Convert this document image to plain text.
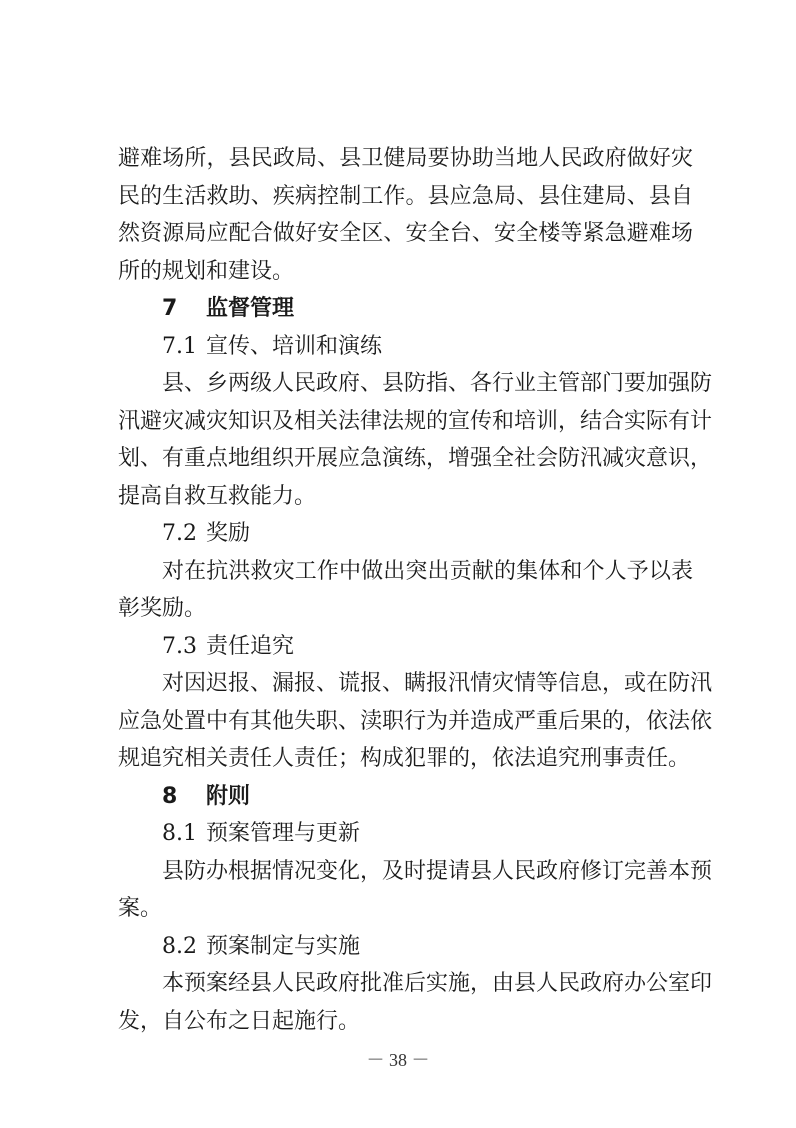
避难场所，县民政局、县卫健局要协助当地人民政府做好灾

民的生活救助、疾病控制工作。县应急局、县住建局、县自

然资源局应配合做好安全区、安全台、安全楼等紧急避难场

所的规划和建设。

7 监督管理

7.1 宣传、培训和演练

县、乡两级人民政府、县防指、各行业主管部门要加强防

汛避灾减灾知识及相关法律法规的宣传和培训，结合实际有计

划、有重点地组织开展应急演练，增强全社会防汛减灾意识，

提高自救互救能力。

7.2 奖励

对在抗洪救灾工作中做出突出贡献的集体和个人予以表

彰奖励。

7.3 责任追究

对因迟报、漏报、谎报、瞒报汛情灾情等信息，或在防汛

应急处置中有其他失职、渎职行为并造成严重后果的，依法依

规追究相关责任人责任；构成犯罪的，依法追究刑事责任。

8 附则

8.1 预案管理与更新

县防办根据情况变化，及时提请县人民政府修订完善本预

案。

8.2 预案制定与实施

本预案经县人民政府批准后实施，由县人民政府办公室印

发，自公布之日起施行。

－ 38 －
